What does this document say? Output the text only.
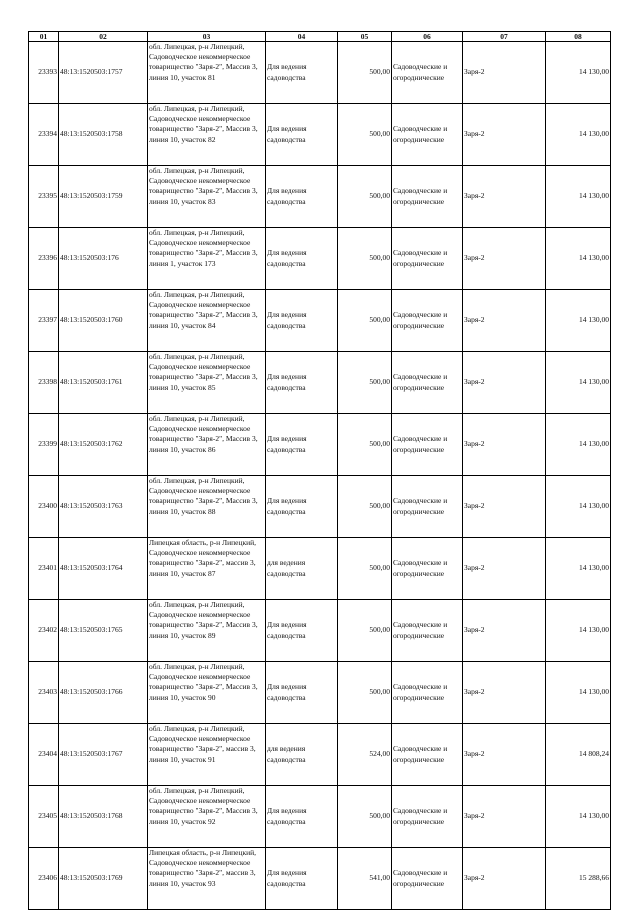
01	02	03	04	05	06	07	08
23393	48:13:1520503:1757	обл. Липецкая, р-н Липецкий, Садоводческое некоммерческое товарищество "Заря-2", Массив 3, линия 10, участок 81	Для ведения садоводства	500,00	Садоводческие и огороднические	Заря-2	14 130,00
23394	48:13:1520503:1758	обл. Липецкая, р-н Липецкий, Садоводческое некоммерческое товарищество "Заря-2", Массив 3, линия 10, участок 82	Для ведения садоводства	500,00	Садоводческие и огороднические	Заря-2	14 130,00
23395	48:13:1520503:1759	обл. Липецкая, р-н Липецкий, Садоводческое некоммерческое товарищество "Заря-2", Массив 3, линия 10, участок 83	Для ведения садоводства	500,00	Садоводческие и огороднические	Заря-2	14 130,00
23396	48:13:1520503:176	обл. Липецкая, р-н Липецкий, Садоводческое некоммерческое товарищество "Заря-2", Массив 3, линия 1, участок 173	Для ведения садоводства	500,00	Садоводческие и огороднические	Заря-2	14 130,00
23397	48:13:1520503:1760	обл. Липецкая, р-н Липецкий, Садоводческое некоммерческое товарищество "Заря-2", Массив 3, линия 10, участок 84	Для ведения садоводства	500,00	Садоводческие и огороднические	Заря-2	14 130,00
23398	48:13:1520503:1761	обл. Липецкая, р-н Липецкий, Садоводческое некоммерческое товарищество "Заря-2", Массив 3, линия 10, участок 85	Для ведения садоводства	500,00	Садоводческие и огороднические	Заря-2	14 130,00
23399	48:13:1520503:1762	обл. Липецкая, р-н Липецкий, Садоводческое некоммерческое товарищество "Заря-2", Массив 3, линия 10, участок 86	Для ведения садоводства	500,00	Садоводческие и огороднические	Заря-2	14 130,00
23400	48:13:1520503:1763	обл. Липецкая, р-н Липецкий, Садоводческое некоммерческое товарищество "Заря-2", Массив 3, линия 10, участок 88	Для ведения садоводства	500,00	Садоводческие и огороднические	Заря-2	14 130,00
23401	48:13:1520503:1764	Липецкая область, р-н Липецкий, Садоводческое некоммерческое товарищество "Заря-2", массив 3, линия 10, участок 87	для ведения садоводства	500,00	Садоводческие и огороднические	Заря-2	14 130,00
23402	48:13:1520503:1765	обл. Липецкая, р-н Липецкий, Садоводческое некоммерческое товарищество "Заря-2", Массив 3, линия 10, участок 89	Для ведения садоводства	500,00	Садоводческие и огороднические	Заря-2	14 130,00
23403	48:13:1520503:1766	обл. Липецкая, р-н Липецкий, Садоводческое некоммерческое товарищество "Заря-2", Массив 3, линия 10, участок 90	Для ведения садоводства	500,00	Садоводческие и огороднические	Заря-2	14 130,00
23404	48:13:1520503:1767	обл. Липецкая, р-н Липецкий, Садоводческое некоммерческое товарищество "Заря-2", массив 3, линия 10, участок 91	для ведения садоводства	524,00	Садоводческие и огороднические	Заря-2	14 808,24
23405	48:13:1520503:1768	обл. Липецкая, р-н Липецкий, Садоводческое некоммерческое товарищество "Заря-2", Массив 3, линия 10, участок 92	Для ведения садоводства	500,00	Садоводческие и огороднические	Заря-2	14 130,00
23406	48:13:1520503:1769	Липецкая область, р-н Липецкий, Садоводческое некоммерческое товарищество "Заря-2", массив 3, линия 10, участок 93	Для ведения садоводства	541,00	Садоводческие и огороднические	Заря-2	15 288,66
